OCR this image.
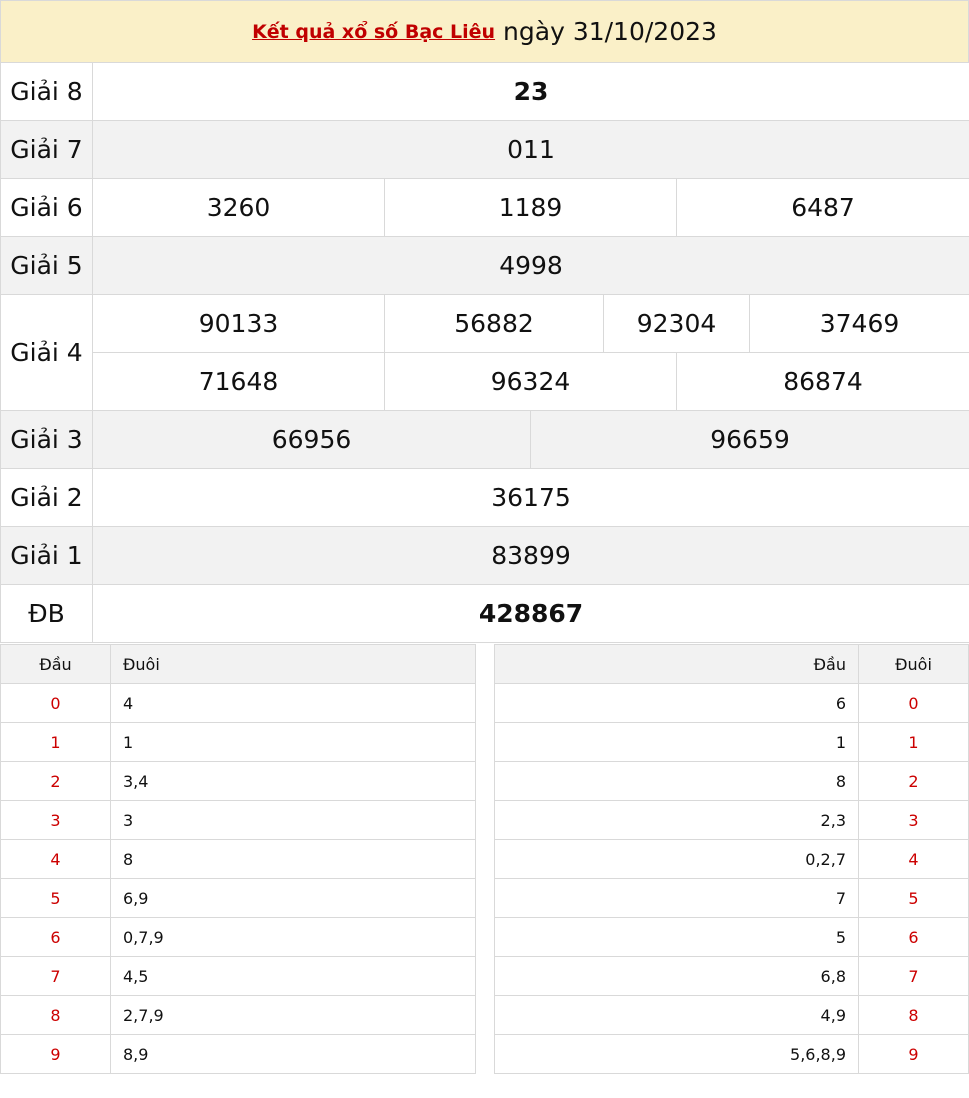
Kết quả xổ số Bạc Liêu ngày 31/10/2023
Giải 8	23					
Giải 7	011					
Giải 6	3260	1189			6487	
Giải 5	4998					
Giải 4	90133	56882		92304		37469
	71648	96324			86874	
Giải 3	66956		96659			
Giải 2	36175					
Giải 1	83899					
ĐB	428867					
Đầu	Đuôi
0	4
1	1
2	3,4
3	3
4	8
5	6,9
6	0,7,9
7	4,5
8	2,7,9
9	8,9
Đầu	Đuôi
6	0
1	1
8	2
2,3	3
0,2,7	4
7	5
5	6
6,8	7
4,9	8
5,6,8,9	9
